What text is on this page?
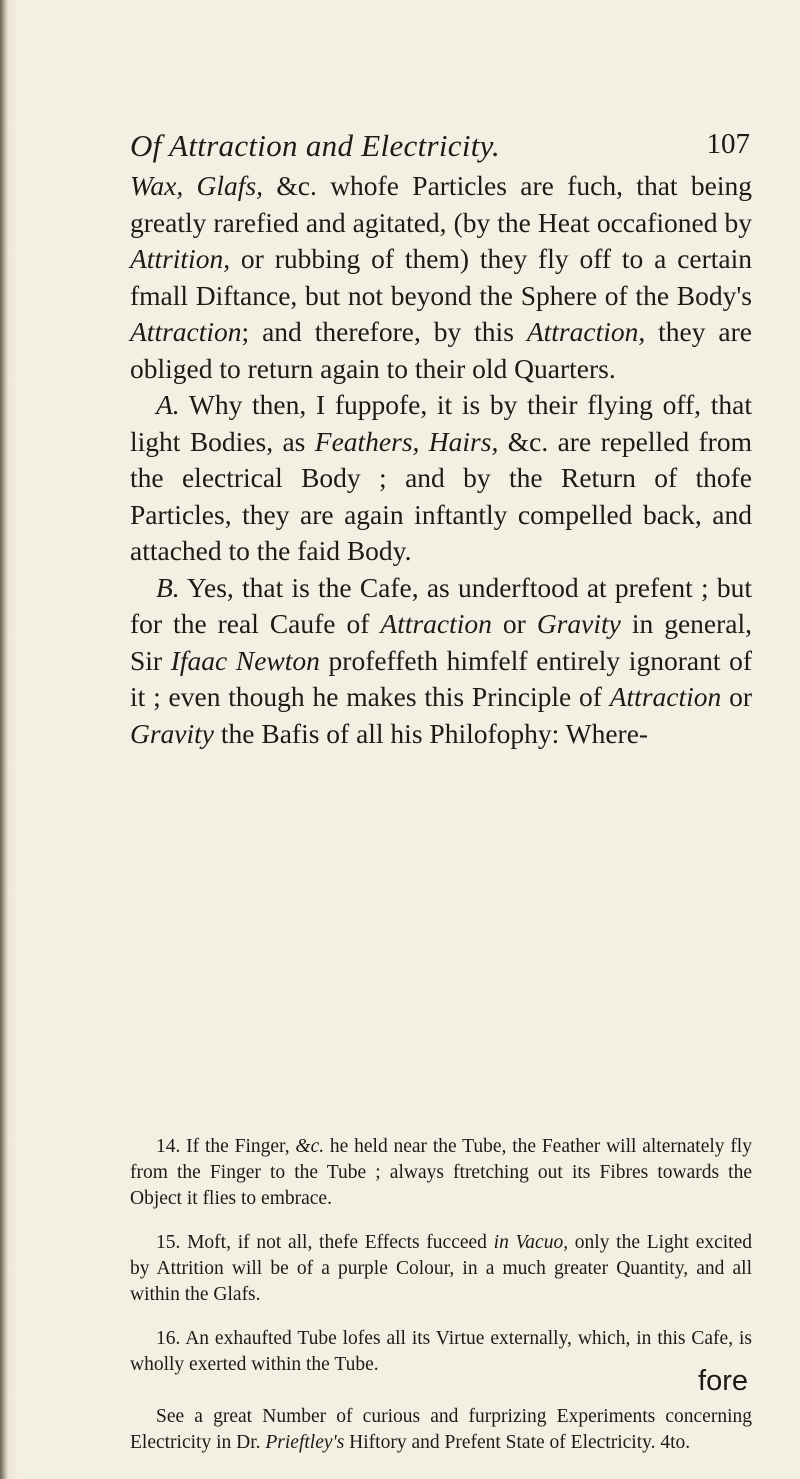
Of Attraction and Electricity.	107

Wax, Glafs, &c. whofe Particles are fuch, that being greatly rarefied and agitated, (by the Heat occafioned by Attrition, or rubbing of them) they fly off to a certain fmall Diftance, but not beyond the Sphere of the Body's Attraction; and therefore, by this Attraction, they are obliged to return again to their old Quarters.

A. Why then, I fuppofe, it is by their flying off, that light Bodies, as Feathers, Hairs, &c. are repelled from the electrical Body ; and by the Return of thofe Particles, they are again inftantly compelled back, and attached to the faid Body.

B. Yes, that is the Cafe, as underftood at prefent ; but for the real Caufe of Attraction or Gravity in general, Sir Ifaac Newton profeffeth himfelf entirely ignorant of it ; even though he makes this Principle of Attraction or Gravity the Bafis of all his Philofophy: Where-

14. If the Finger, &c. he held near the Tube, the Feather will alternately fly from the Finger to the Tube ; always ftretching out its Fibres towards the Object it flies to embrace.

15. Moft, if not all, thefe Effects fucceed in Vacuo, only the Light excited by Attrition will be of a purple Colour, in a much greater Quantity, and all within the Glafs.

16. An exhaufted Tube lofes all its Virtue externally, which, in this Cafe, is wholly exerted within the Tube.

See a great Number of curious and furprizing Experiments concerning Electricity in Dr. Prieftley's Hiftory and Prefent State of Electricity. 4to.

fore
